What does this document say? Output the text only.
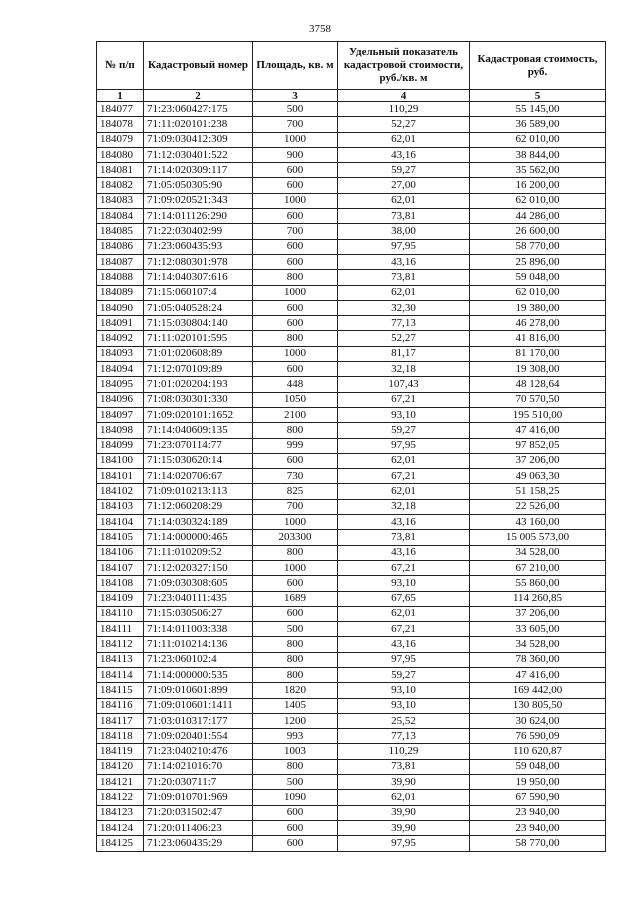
3758
№ п/п	Кадастровый номер	Площадь, кв. м	Удельный показатель кадастровой стоимости, руб./кв. м	Кадастровая стоимость, руб.
1	2	3	4	5
184077	71:23:060427:175	500	110,29	55 145,00
184078	71:11:020101:238	700	52,27	36 589,00
184079	71:09:030412:309	1000	62,01	62 010,00
184080	71:12:030401:522	900	43,16	38 844,00
184081	71:14:020309:117	600	59,27	35 562,00
184082	71:05:050305:90	600	27,00	16 200,00
184083	71:09:020521:343	1000	62,01	62 010,00
184084	71:14:011126:290	600	73,81	44 286,00
184085	71:22:030402:99	700	38,00	26 600,00
184086	71:23:060435:93	600	97,95	58 770,00
184087	71:12:080301:978	600	43,16	25 896,00
184088	71:14:040307:616	800	73,81	59 048,00
184089	71:15:060107:4	1000	62,01	62 010,00
184090	71:05:040528:24	600	32,30	19 380,00
184091	71:15:030804:140	600	77,13	46 278,00
184092	71:11:020101:595	800	52,27	41 816,00
184093	71:01:020608:89	1000	81,17	81 170,00
184094	71:12:070109:89	600	32,18	19 308,00
184095	71:01:020204:193	448	107,43	48 128,64
184096	71:08:030301:330	1050	67,21	70 570,50
184097	71:09:020101:1652	2100	93,10	195 510,00
184098	71:14:040609:135	800	59,27	47 416,00
184099	71:23:070114:77	999	97,95	97 852,05
184100	71:15:030620:14	600	62,01	37 206,00
184101	71:14:020706:67	730	67,21	49 063,30
184102	71:09:010213:113	825	62,01	51 158,25
184103	71:12:060208:29	700	32,18	22 526,00
184104	71:14:030324:189	1000	43,16	43 160,00
184105	71:14:000000:465	203300	73,81	15 005 573,00
184106	71:11:010209:52	800	43,16	34 528,00
184107	71:12:020327:150	1000	67,21	67 210,00
184108	71:09:030308:605	600	93,10	55 860,00
184109	71:23:040111:435	1689	67,65	114 260,85
184110	71:15:030506:27	600	62,01	37 206,00
184111	71:14:011003:338	500	67,21	33 605,00
184112	71:11:010214:136	800	43,16	34 528,00
184113	71:23:060102:4	800	97,95	78 360,00
184114	71:14:000000:535	800	59,27	47 416,00
184115	71:09:010601:899	1820	93,10	169 442,00
184116	71:09:010601:1411	1405	93,10	130 805,50
184117	71:03:010317:177	1200	25,52	30 624,00
184118	71:09:020401:554	993	77,13	76 590,09
184119	71:23:040210:476	1003	110,29	110 620,87
184120	71:14:021016:70	800	73,81	59 048,00
184121	71:20:030711:7	500	39,90	19 950,00
184122	71:09:010701:969	1090	62,01	67 590,90
184123	71:20:031502:47	600	39,90	23 940,00
184124	71:20:011406:23	600	39,90	23 940,00
184125	71:23:060435:29	600	97,95	58 770,00
